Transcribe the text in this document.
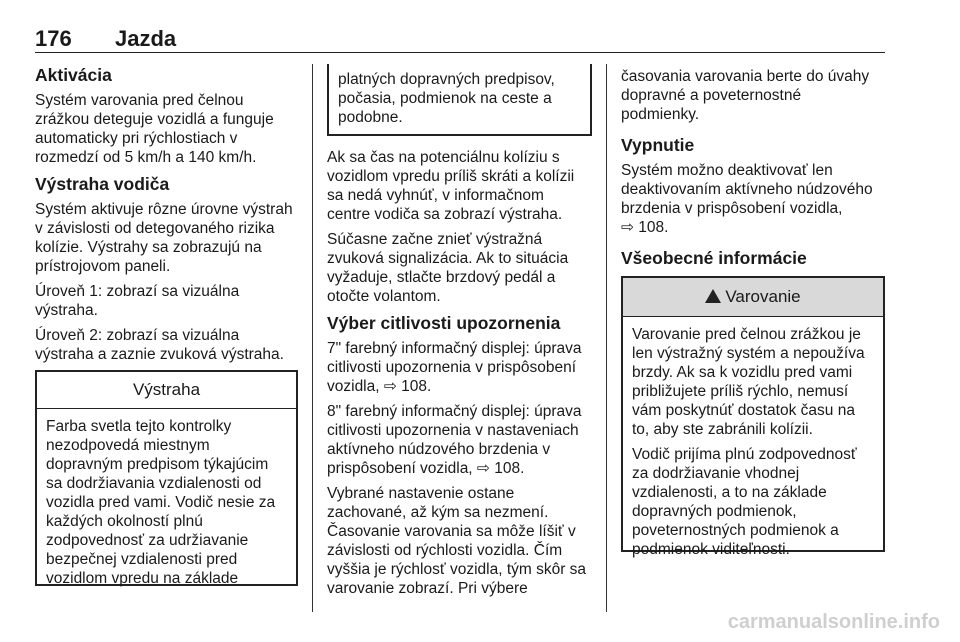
176 Jazda
Aktivácia

Systém varovania pred čelnou
zrážkou deteguje vozidlá a funguje
automaticky pri rýchlostiach v
rozmedzí od 5 km/h a 140 km/h.

Výstraha vodiča

Systém aktivuje rôzne úrovne výstrah
v závislosti od detegovaného rizika
kolízie. Výstrahy sa zobrazujú na
prístrojovom paneli.

Úroveň 1: zobrazí sa vizuálna
výstraha.

Úroveň 2: zobrazí sa vizuálna
výstraha a zaznie zvuková výstraha.

Výstraha
Farba svetla tejto kontrolky
nezodpovedá miestnym
dopravným predpisom týkajúcim
sa dodržiavania vzdialenosti od
vozidla pred vami. Vodič nesie za
každých okolností plnú
zodpovednosť za udržiavanie
bezpečnej vzdialenosti pred
vozidlom vpredu na základe
platných dopravných predpisov,
počasia, podmienok na ceste a
podobne.

Ak sa čas na potenciálnu kolíziu s
vozidlom vpredu príliš skráti a kolízii
sa nedá vyhnúť, v informačnom
centre vodiča sa zobrazí výstraha.

Súčasne začne znieť výstražná
zvuková signalizácia. Ak to situácia
vyžaduje, stlačte brzdový pedál a
otočte volantom.

Výber citlivosti upozornenia

7" farebný informačný displej: úprava
citlivosti upozornenia v prispôsobení
vozidla, ⇨ 108.

8" farebný informačný displej: úprava
citlivosti upozornenia v nastaveniach
aktívneho núdzového brzdenia v
prispôsobení vozidla, ⇨ 108.

Vybrané nastavenie ostane
zachované, až kým sa nezmení.
Časovanie varovania sa môže líšiť v
závislosti od rýchlosti vozidla. Čím
vyššia je rýchlosť vozidla, tým skôr sa
varovanie zobrazí. Pri výbere

časovania varovania berte do úvahy
dopravné a poveternostné
podmienky.

Vypnutie

Systém možno deaktivovať len
deaktivovaním aktívneho núdzového
brzdenia v prispôsobení vozidla,
⇨ 108.

Všeobecné informácie
!Varovanie

Varovanie pred čelnou zrážkou je
len výstražný systém a nepoužíva
brzdy. Ak sa k vozidlu pred vami
približujete príliš rýchlo, nemusí
vám poskytnúť dostatok času na
to, aby ste zabránili kolízii.

Vodič prijíma plnú zodpovednosť
za dodržiavanie vhodnej
vzdialenosti, a to na základe
dopravných podmienok,
poveternostných podmienok a
podmienok viditeľnosti.

carmanualsonline.info
